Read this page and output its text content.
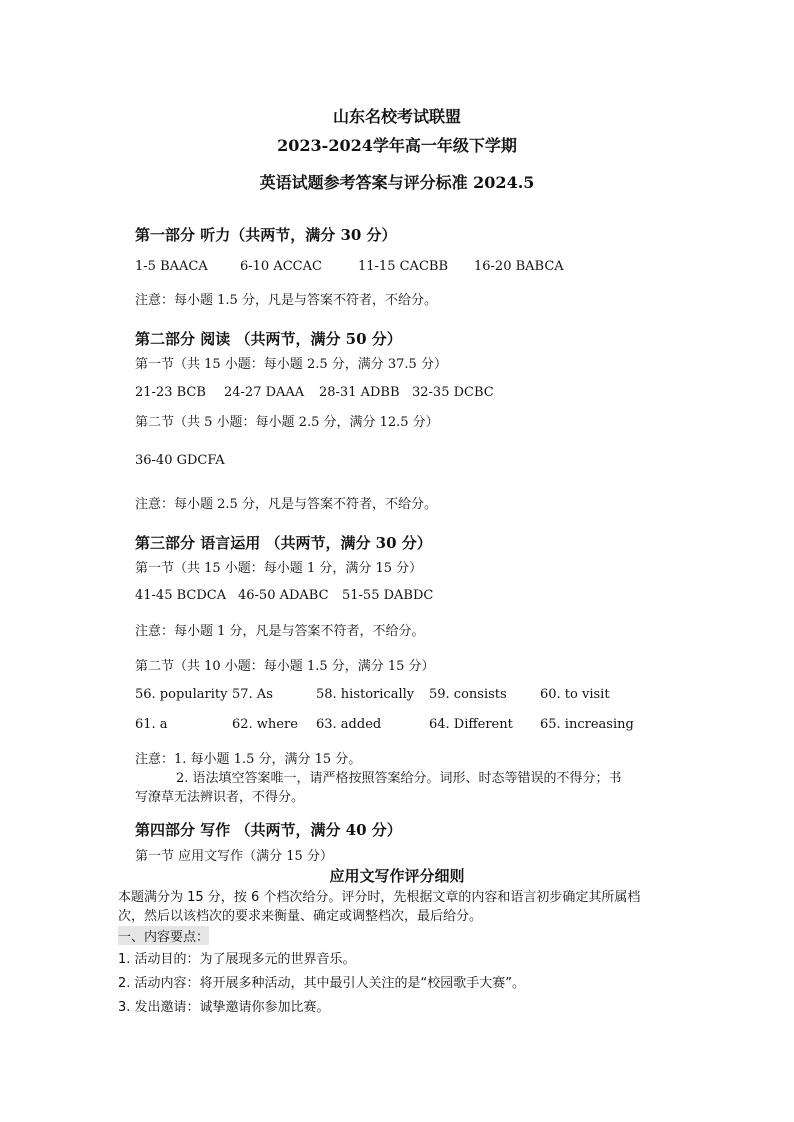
山东名校考试联盟
2023-2024学年高一年级下学期
英语试题参考答案与评分标准 2024.5
第一部分 听力（共两节，满分 30 分）
1-5 BAACA 6-10 ACCAC	11-15 CACBB 16-20 BABCA
注意：每小题 1.5 分，凡是与答案不符者，不给分。
第二部分 阅读 （共两节，满分 50 分）
第一节（共 15 小题：每小题 2.5 分，满分 37.5 分）
21-23 BCB 24-27 DAAA 28-31 ADBB 32-35 DCBC
第二节（共 5 小题：每小题 2.5 分，满分 12.5 分）
36-40 GDCFA
注意：每小题 2.5 分，凡是与答案不符者，不给分。
第三部分 语言运用 （共两节，满分 30 分）
第一节（共 15 小题：每小题 1 分，满分 15 分）
41-45 BCDCA 46-50 ADABC 51-55 DABDC
注意：每小题 1 分，凡是与答案不符者，不给分。
第二节（共 10 小题：每小题 1.5 分，满分 15 分）
56. popularity 57. As	58. historically 59. consists	60. to visit
61. a	62. where 63. added	64. Different 65. increasing
注意：1. 每小题 1.5 分，满分 15 分。
2. 语法填空答案唯一，请严格按照答案给分。词形、时态等错误的不得分；书
写潦草无法辨识者，不得分。
第四部分 写作 （共两节，满分 40 分）
第一节 应用文写作（满分 15 分）
应用文写作评分细则
本题满分为 15 分，按 6 个档次给分。评分时，先根据文章的内容和语言初步确定其所属档
次，然后以该档次的要求来衡量、确定或调整档次，最后给分。
一、内容要点：
1. 活动目的：为了展现多元的世界音乐。
2. 活动内容：将开展多种活动，其中最引人关注的是“校园歌手大赛”。
3. 发出邀请：诚挚邀请你参加比赛。
